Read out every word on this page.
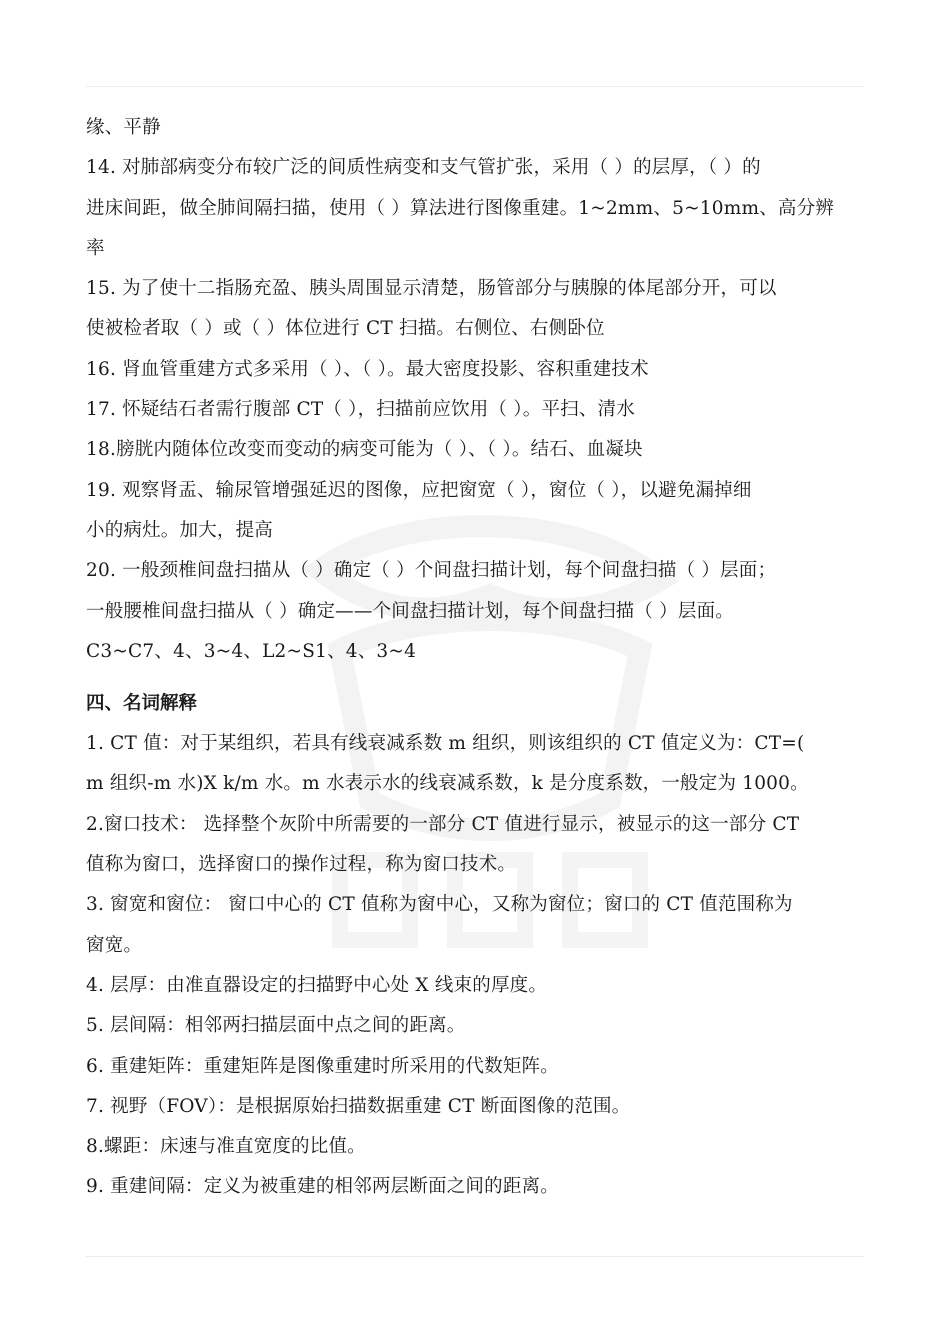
缘、平静
14. 对肺部病变分布较广泛的间质性病变和支气管扩张，采用（ ）的层厚，（ ）的
进床间距，做全肺间隔扫描，使用（ ）算法进行图像重建。1~2mm、5~10mm、高分辨
率
15. 为了使十二指肠充盈、胰头周围显示清楚，肠管部分与胰腺的体尾部分开，可以
使被检者取（ ）或（ ）体位进行 CT 扫描。右侧位、右侧卧位
16. 肾血管重建方式多采用（ ）、（ ）。最大密度投影、容积重建技术
17. 怀疑结石者需行腹部 CT（ ），扫描前应饮用（ ）。平扫、清水
18.膀胱内随体位改变而变动的病变可能为（ ）、（ ）。结石、血凝块
19. 观察肾盂、输尿管增强延迟的图像，应把窗宽（ ），窗位（ ），以避免漏掉细
小的病灶。加大，提高
20. 一般颈椎间盘扫描从（ ）确定（ ）个间盘扫描计划，每个间盘扫描（ ）层面；
一般腰椎间盘扫描从（ ）确定——个间盘扫描计划，每个间盘扫描（ ）层面。
C3~C7、4、3~4、L2~S1、4、3~4
四、名词解释
1. CT 值：对于某组织，若具有线衰减系数 m 组织，则该组织的 CT 值定义为：CT=(
m 组织-m 水)X k/m 水。m 水表示水的线衰减系数，k 是分度系数，一般定为 1000。
2.窗口技术： 选择整个灰阶中所需要的一部分 CT 值进行显示，被显示的这一部分 CT
值称为窗口，选择窗口的操作过程，称为窗口技术。
3. 窗宽和窗位： 窗口中心的 CT 值称为窗中心，又称为窗位；窗口的 CT 值范围称为
窗宽。
4. 层厚：由准直器设定的扫描野中心处 X 线束的厚度。
5. 层间隔：相邻两扫描层面中点之间的距离。
6. 重建矩阵：重建矩阵是图像重建时所采用的代数矩阵。
7. 视野（FOV）：是根据原始扫描数据重建 CT 断面图像的范围。
8.螺距：床速与准直宽度的比值。
9. 重建间隔：定义为被重建的相邻两层断面之间的距离。
